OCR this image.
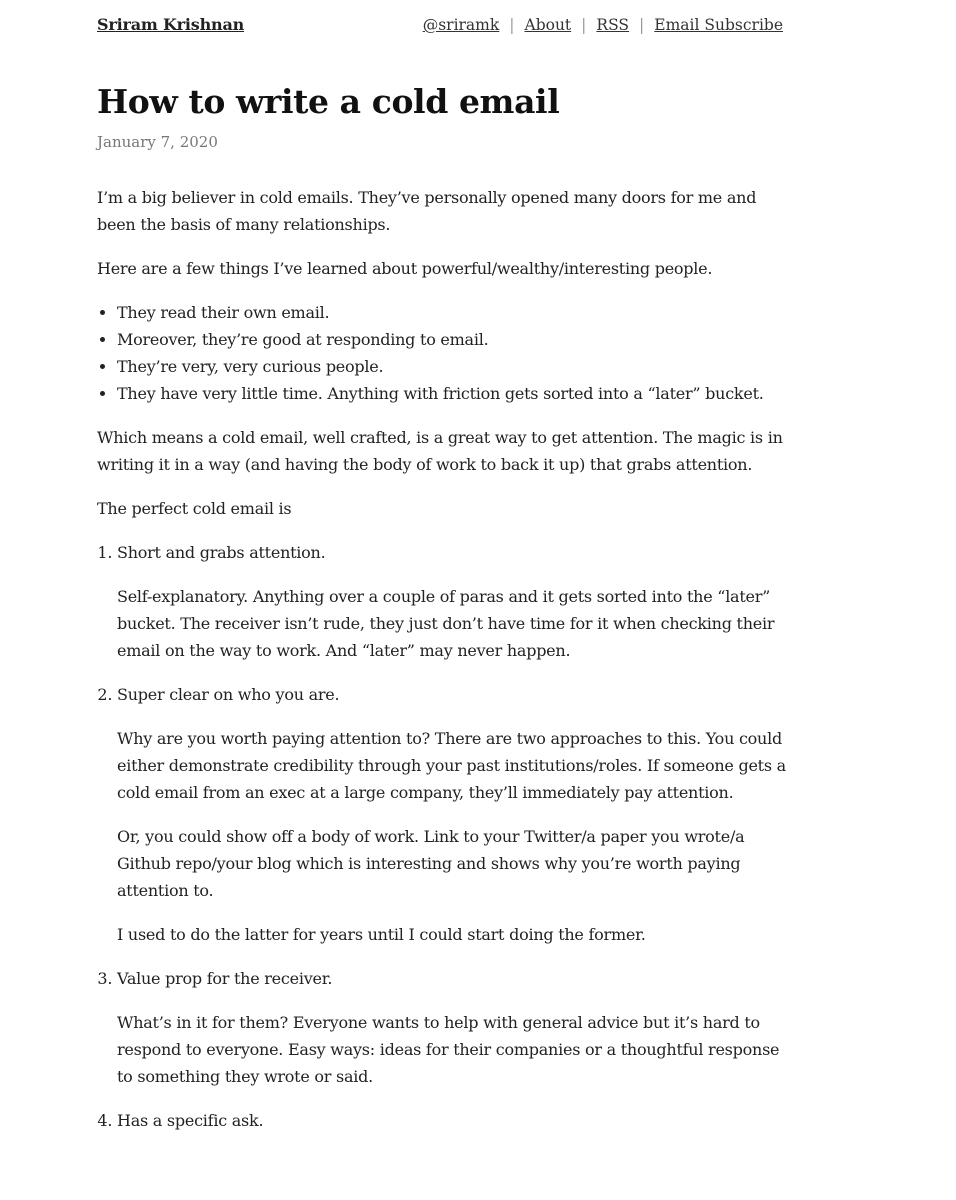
Sriram Krishnan	@sriramk | About | RSS | Email Subscribe
How to write a cold email
January 7, 2020

I’m a big believer in cold emails. They’ve personally opened many doors for me and been the basis of many relationships.

Here are a few things I’ve learned about powerful/wealthy/interesting people.

• They read their own email.
• Moreover, they’re good at responding to email.
• They’re very, very curious people.
• They have very little time. Anything with friction gets sorted into a “later” bucket.

Which means a cold email, well crafted, is a great way to get attention. The magic is in writing it in a way (and having the body of work to back it up) that grabs attention.

The perfect cold email is

1. Short and grabs attention.

Self-explanatory. Anything over a couple of paras and it gets sorted into the “later” bucket. The receiver isn’t rude, they just don’t have time for it when checking their email on the way to work. And “later” may never happen.

2. Super clear on who you are.

Why are you worth paying attention to? There are two approaches to this. You could either demonstrate credibility through your past institutions/roles. If someone gets a cold email from an exec at a large company, they’ll immediately pay attention.

Or, you could show off a body of work. Link to your Twitter/a paper you wrote/a Github repo/your blog which is interesting and shows why you’re worth paying attention to.

I used to do the latter for years until I could start doing the former.

3. Value prop for the receiver.

What’s in it for them? Everyone wants to help with general advice but it’s hard to respond to everyone. Easy ways: ideas for their companies or a thoughtful response to something they wrote or said.

4. Has a specific ask.
